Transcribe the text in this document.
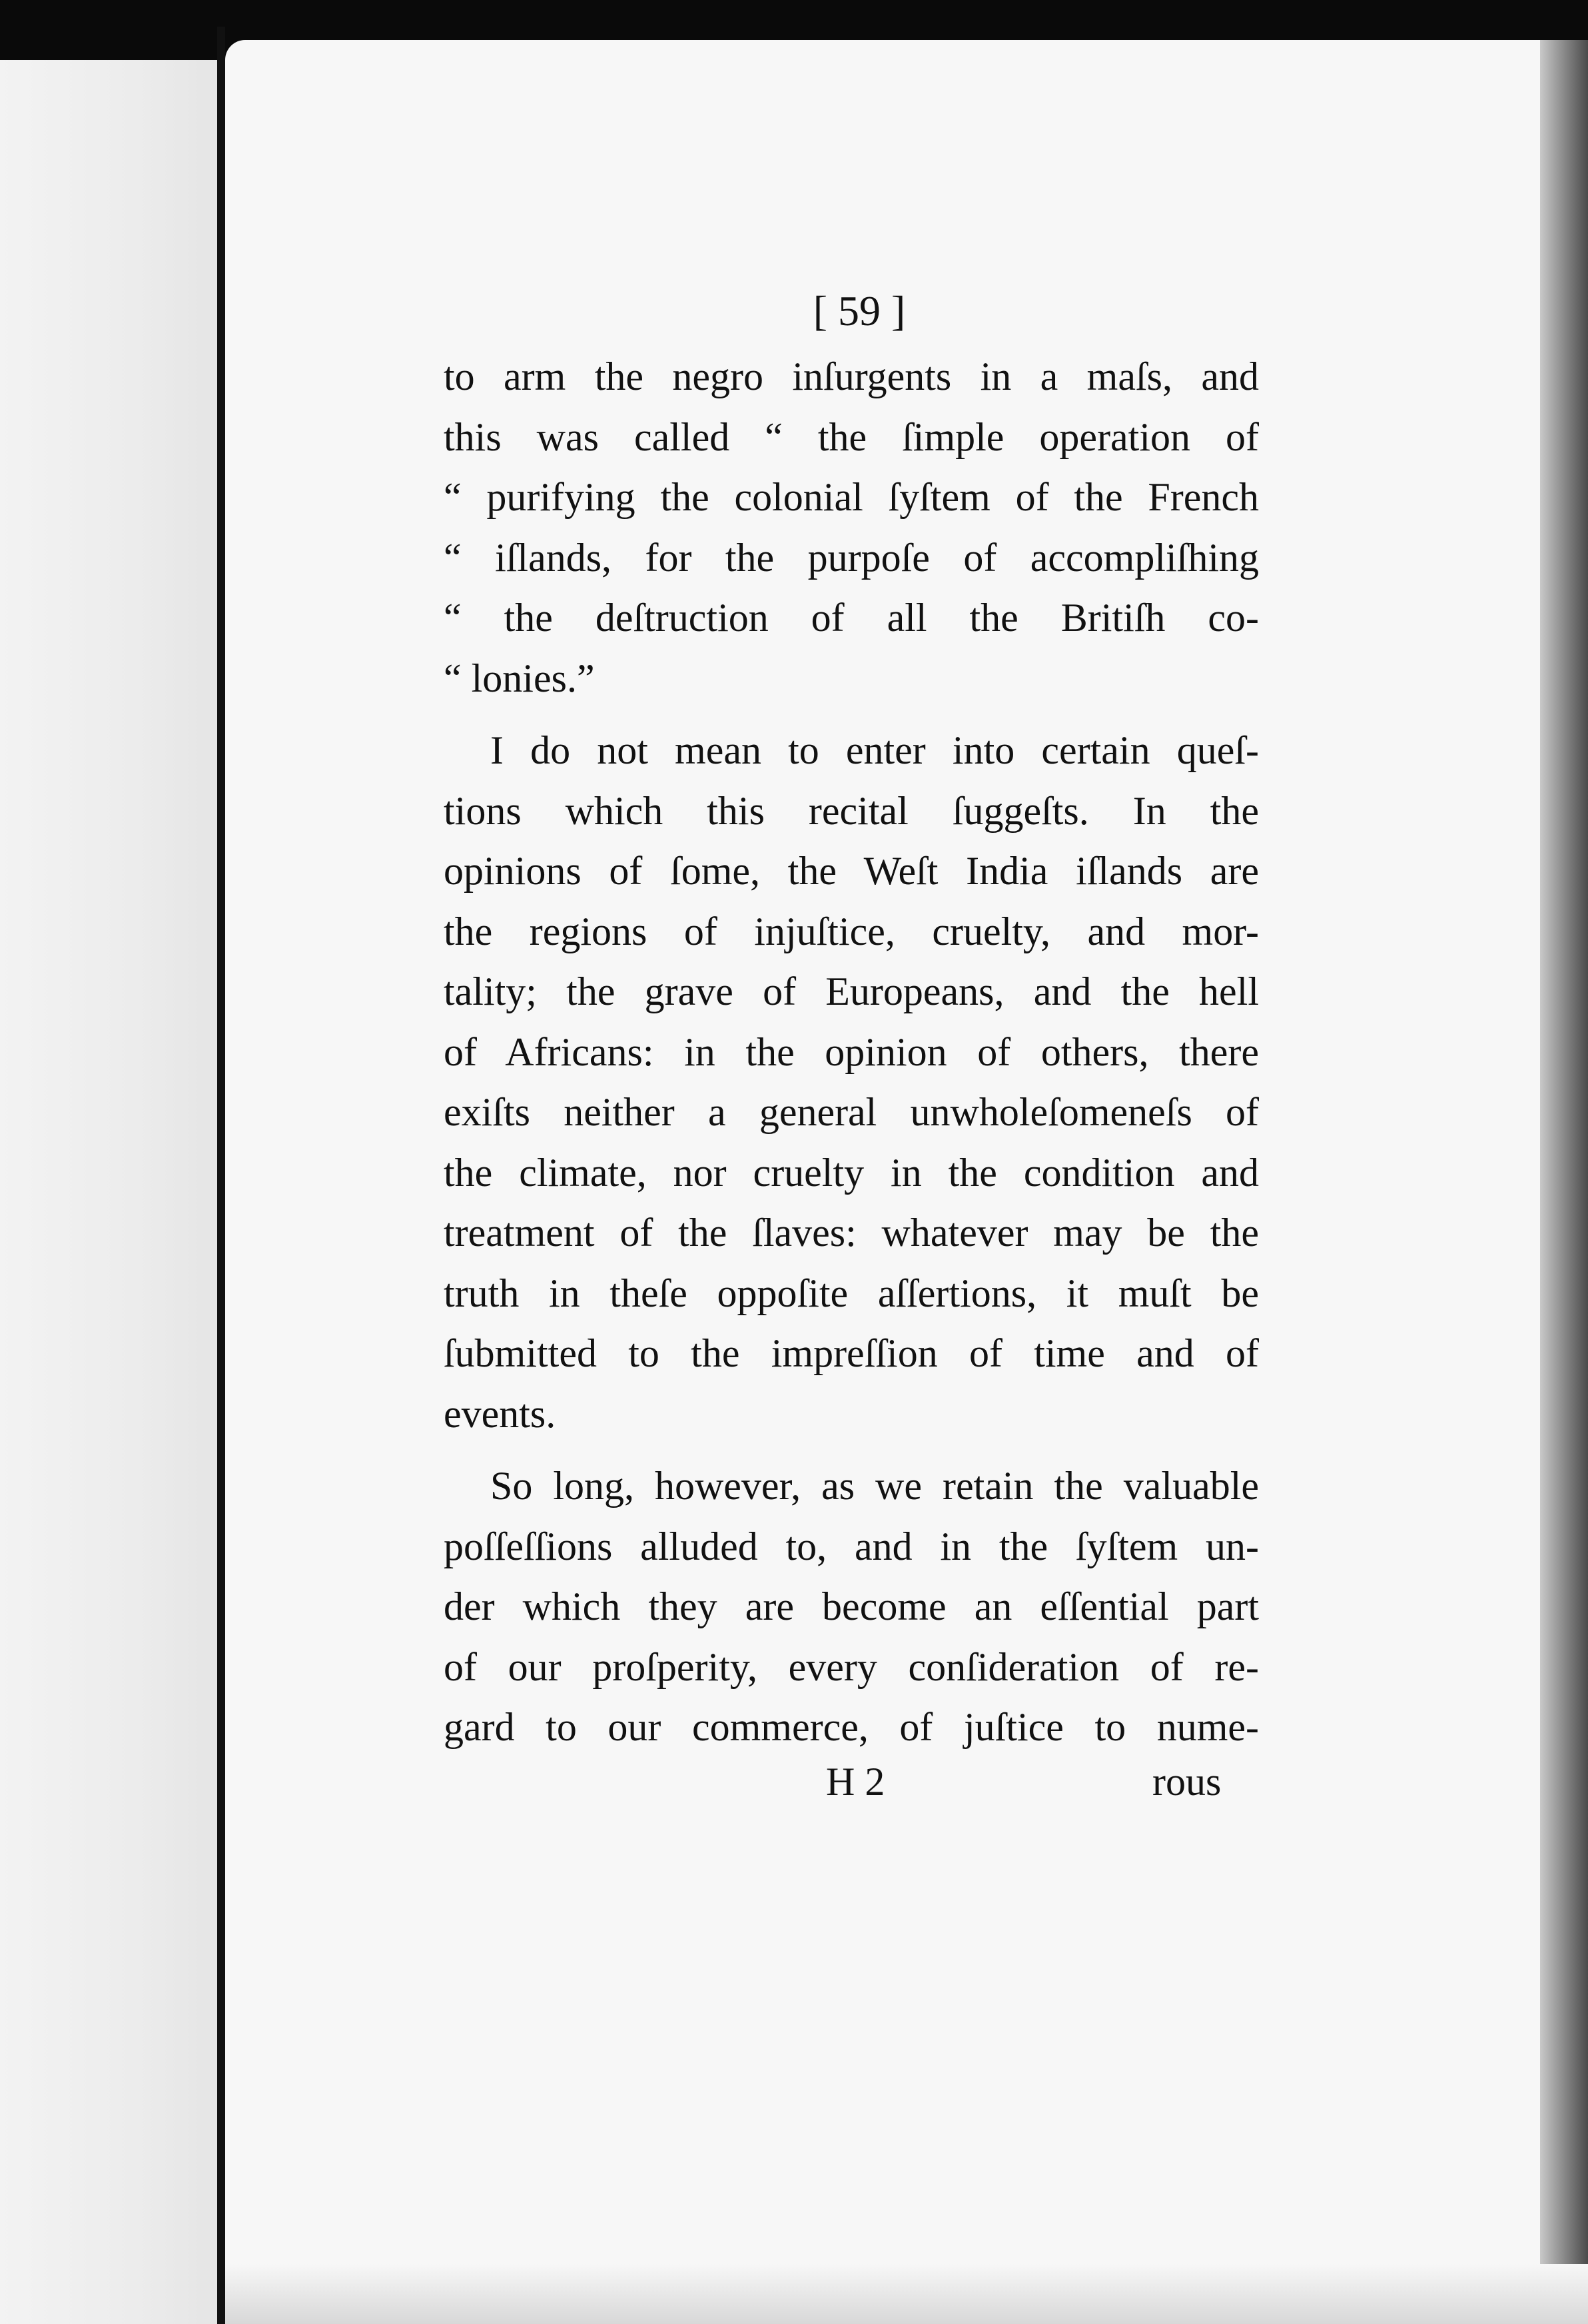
[ 59 ]
to arm the negro inſurgents in a maſs, and
this was called “ the ſimple operation of
“ purifying the colonial ſyſtem of the French
“ iſlands, for the purpoſe of accompliſhing
“ the deſtruction of all the Britiſh co-
“ lonies.”
I do not mean to enter into certain queſ-
tions which this recital ſuggeſts. In the
opinions of ſome, the Weſt India iſlands are
the regions of injuſtice, cruelty, and mor-
tality; the grave of Europeans, and the hell
of Africans: in the opinion of others, there
exiſts neither a general unwholeſomeneſs of
the climate, nor cruelty in the condition and
treatment of the ſlaves: whatever may be the
truth in theſe oppoſite aſſertions, it muſt be
ſubmitted to the impreſſion of time and of
events.
So long, however, as we retain the valuable
poſſeſſions alluded to, and in the ſyſtem un-
der which they are become an eſſential part
of our proſperity, every conſideration of re-
gard to our commerce, of juſtice to nume-
H 2	rous
